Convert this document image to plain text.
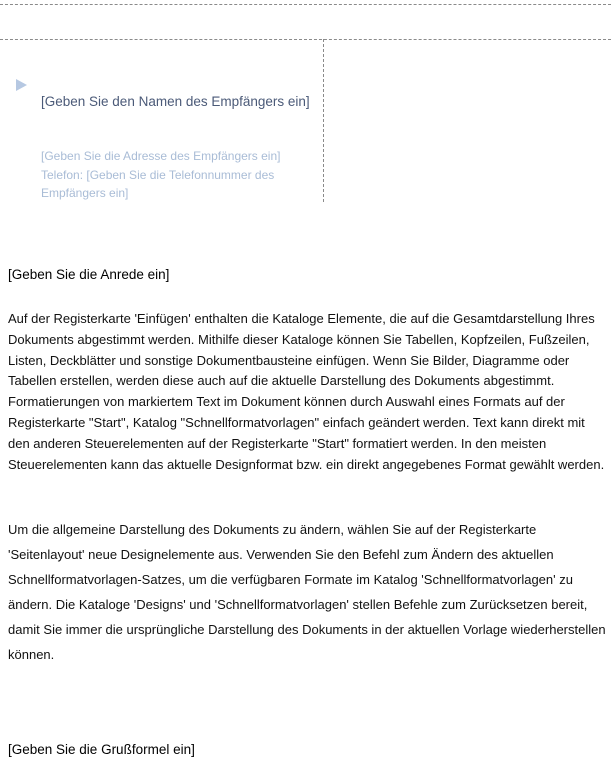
[Geben Sie den Namen des Empfängers ein]
[Geben Sie die Adresse des Empfängers ein]
Telefon: [Geben Sie die Telefonnummer des Empfängers ein]
[Geben Sie die Anrede ein]
Auf der Registerkarte 'Einfügen' enthalten die Kataloge Elemente, die auf die Gesamtdarstellung Ihres Dokuments abgestimmt werden. Mithilfe dieser Kataloge können Sie Tabellen, Kopfzeilen, Fußzeilen, Listen, Deckblätter und sonstige Dokumentbausteine einfügen. Wenn Sie Bilder, Diagramme oder Tabellen erstellen, werden diese auch auf die aktuelle Darstellung des Dokuments abgestimmt.
Formatierungen von markiertem Text im Dokument können durch Auswahl eines Formats auf der Registerkarte "Start", Katalog "Schnellformatvorlagen" einfach geändert werden. Text kann direkt mit den anderen Steuerelementen auf der Registerkarte "Start" formatiert werden. In den meisten Steuerelementen kann das aktuelle Designformat bzw. ein direkt angegebenes Format gewählt werden.
Um die allgemeine Darstellung des Dokuments zu ändern, wählen Sie auf der Registerkarte 'Seitenlayout' neue Designelemente aus. Verwenden Sie den Befehl zum Ändern des aktuellen Schnellformatvorlagen-Satzes, um die verfügbaren Formate im Katalog 'Schnellformatvorlagen' zu ändern. Die Kataloge 'Designs' und 'Schnellformatvorlagen' stellen Befehle zum Zurücksetzen bereit, damit Sie immer die ursprüngliche Darstellung des Dokuments in der aktuellen Vorlage wiederherstellen können.
[Geben Sie die Grußformel ein]
